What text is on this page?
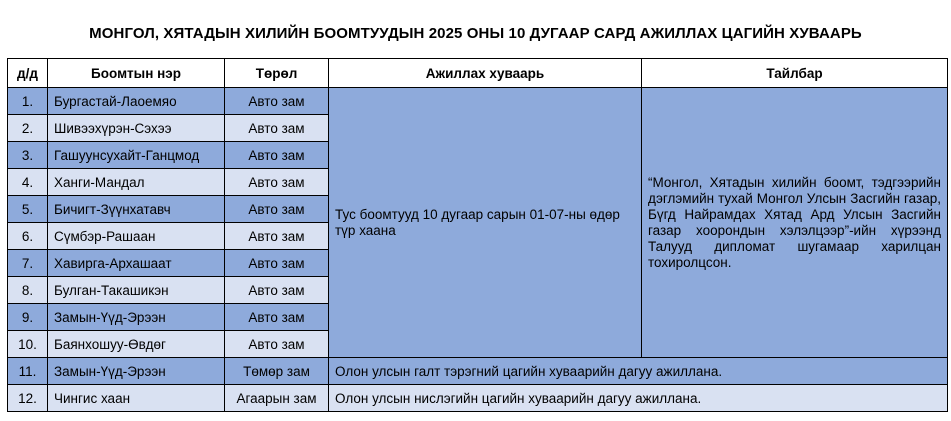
МОНГОЛ, ХЯТАДЫН ХИЛИЙН БООМТУУДЫН 2025 ОНЫ 10 ДУГААР САРД АЖИЛЛАХ ЦАГИЙН ХУВААРЬ
д/д	Боомтын нэр	Төрөл	Ажиллах хуваарь	Тайлбар
1.	Бургастай-Лаоемяо	Авто зам	Тус боомтууд 10 дугаар сарын 01-07-ны өдөр түр хаана	“Монгол, Хятадын хилийн боомт, тэдгээрийн дэглэмийн тухай Монгол Улсын Засгийн газар, Бүгд Найрамдах Хятад Ард Улсын Засгийн газар хоорондын хэлэлцээр”-ийн хүрээнд Талууд дипломат шугамаар харилцан тохиролцсон.
2.	Шивээхүрэн-Сэхээ	Авто зам		
3.	Гашуунсухайт-Ганцмод	Авто зам		
4.	Ханги-Мандал	Авто зам		
5.	Бичигт-Зүүнхатавч	Авто зам		
6.	Сүмбэр-Рашаан	Авто зам		
7.	Хавирга-Архашаат	Авто зам		
8.	Булган-Такашикэн	Авто зам		
9.	Замын-Үүд-Эрээн	Авто зам		
10.	Баянхошуу-Өвдөг	Авто зам		
11.	Замын-Үүд-Эрээн	Төмөр зам	Олон улсын галт тэрэгний цагийн хуваарийн дагуу ажиллана.	
12.	Чингис хаан	Агаарын зам	Олон улсын нислэгийн цагийн хуваарийн дагуу ажиллана.	
